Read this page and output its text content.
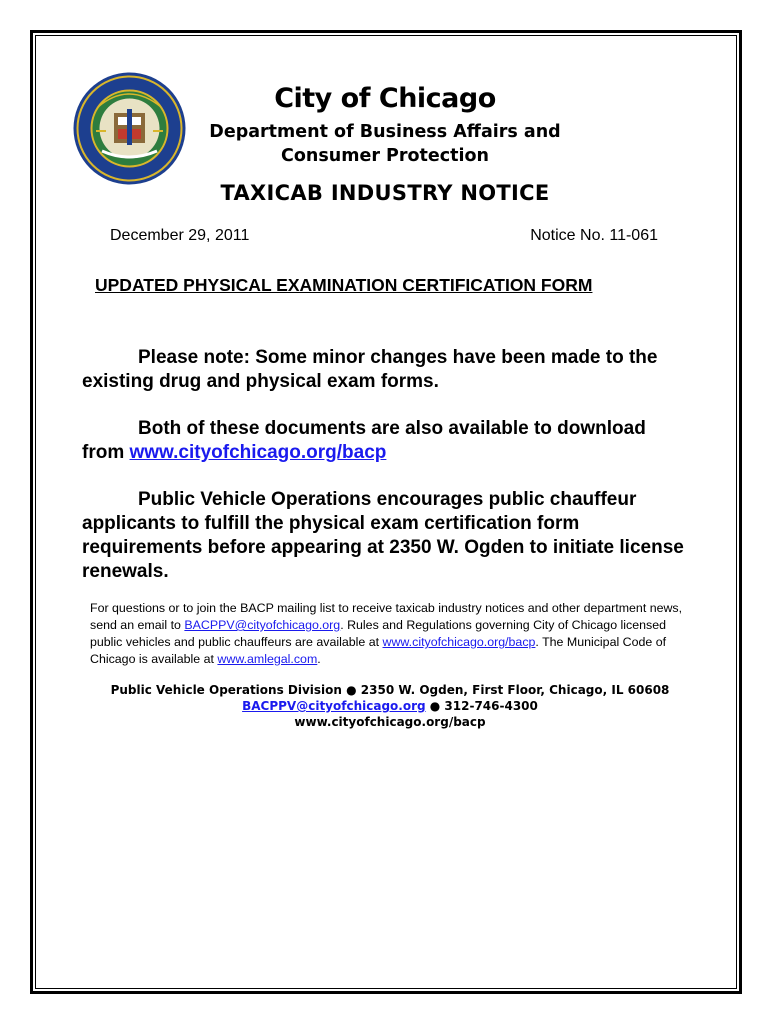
City of Chicago
Department of Business Affairs and
Consumer Protection
TAXICAB INDUSTRY NOTICE
December 29, 2011	Notice No. 11-061
UPDATED PHYSICAL EXAMINATION CERTIFICATION FORM
Please note: Some minor changes have been made to the existing drug and physical exam forms.
Both of these documents are also available to download from www.cityofchicago.org/bacp
Public Vehicle Operations encourages public chauffeur applicants to fulfill the physical exam certification form requirements before appearing at 2350 W. Ogden to initiate license renewals.
For questions or to join the BACP mailing list to receive taxicab industry notices and other department news, send an email to BACPPV@cityofchicago.org. Rules and Regulations governing City of Chicago licensed public vehicles and public chauffeurs are available at www.cityofchicago.org/bacp. The Municipal Code of Chicago is available at www.amlegal.com.
Public Vehicle Operations Division ● 2350 W. Ogden, First Floor, Chicago, IL 60608
BACPPV@cityofchicago.org ● 312-746-4300
www.cityofchicago.org/bacp
